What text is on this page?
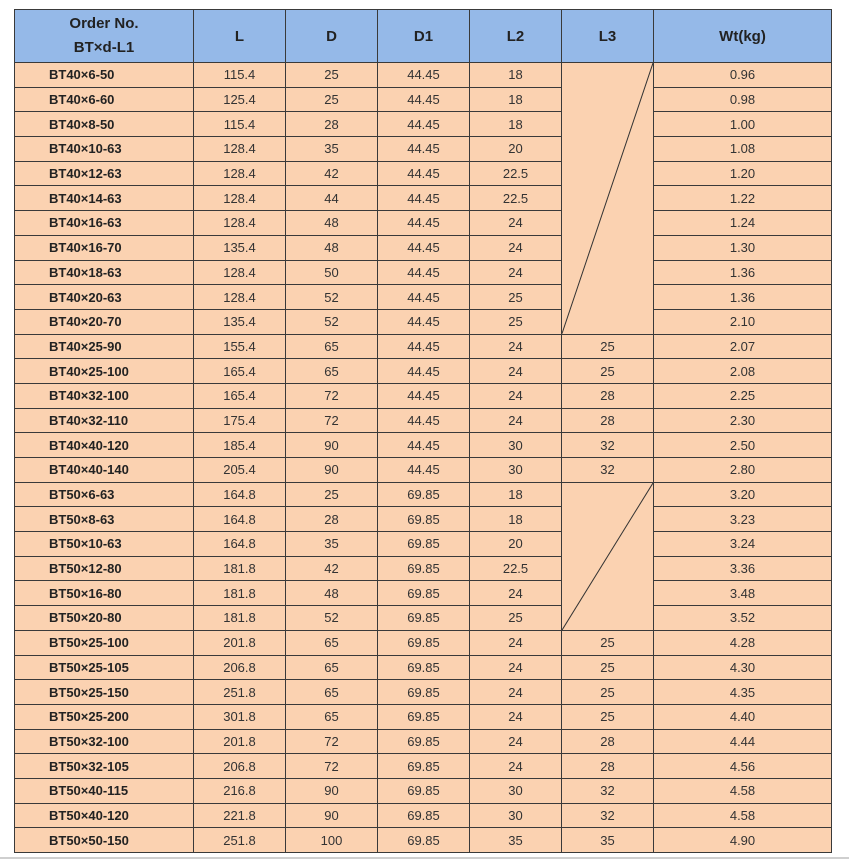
Order No.
BT×d-L1	L	D	D1	L2	L3	Wt(kg)
BT40×6-50	115.4	25	44.45	18		0.96
BT40×6-60	125.4	25	44.45	18		0.98
BT40×8-50	115.4	28	44.45	18		1.00
BT40×10-63	128.4	35	44.45	20		1.08
BT40×12-63	128.4	42	44.45	22.5		1.20
BT40×14-63	128.4	44	44.45	22.5		1.22
BT40×16-63	128.4	48	44.45	24		1.24
BT40×16-70	135.4	48	44.45	24		1.30
BT40×18-63	128.4	50	44.45	24		1.36
BT40×20-63	128.4	52	44.45	25		1.36
BT40×20-70	135.4	52	44.45	25		2.10
BT40×25-90	155.4	65	44.45	24	25	2.07
BT40×25-100	165.4	65	44.45	24	25	2.08
BT40×32-100	165.4	72	44.45	24	28	2.25
BT40×32-110	175.4	72	44.45	24	28	2.30
BT40×40-120	185.4	90	44.45	30	32	2.50
BT40×40-140	205.4	90	44.45	30	32	2.80
BT50×6-63	164.8	25	69.85	18		3.20
BT50×8-63	164.8	28	69.85	18		3.23
BT50×10-63	164.8	35	69.85	20		3.24
BT50×12-80	181.8	42	69.85	22.5		3.36
BT50×16-80	181.8	48	69.85	24		3.48
BT50×20-80	181.8	52	69.85	25		3.52
BT50×25-100	201.8	65	69.85	24	25	4.28
BT50×25-105	206.8	65	69.85	24	25	4.30
BT50×25-150	251.8	65	69.85	24	25	4.35
BT50×25-200	301.8	65	69.85	24	25	4.40
BT50×32-100	201.8	72	69.85	24	28	4.44
BT50×32-105	206.8	72	69.85	24	28	4.56
BT50×40-115	216.8	90	69.85	30	32	4.58
BT50×40-120	221.8	90	69.85	30	32	4.58
BT50×50-150	251.8	100	69.85	35	35	4.90
